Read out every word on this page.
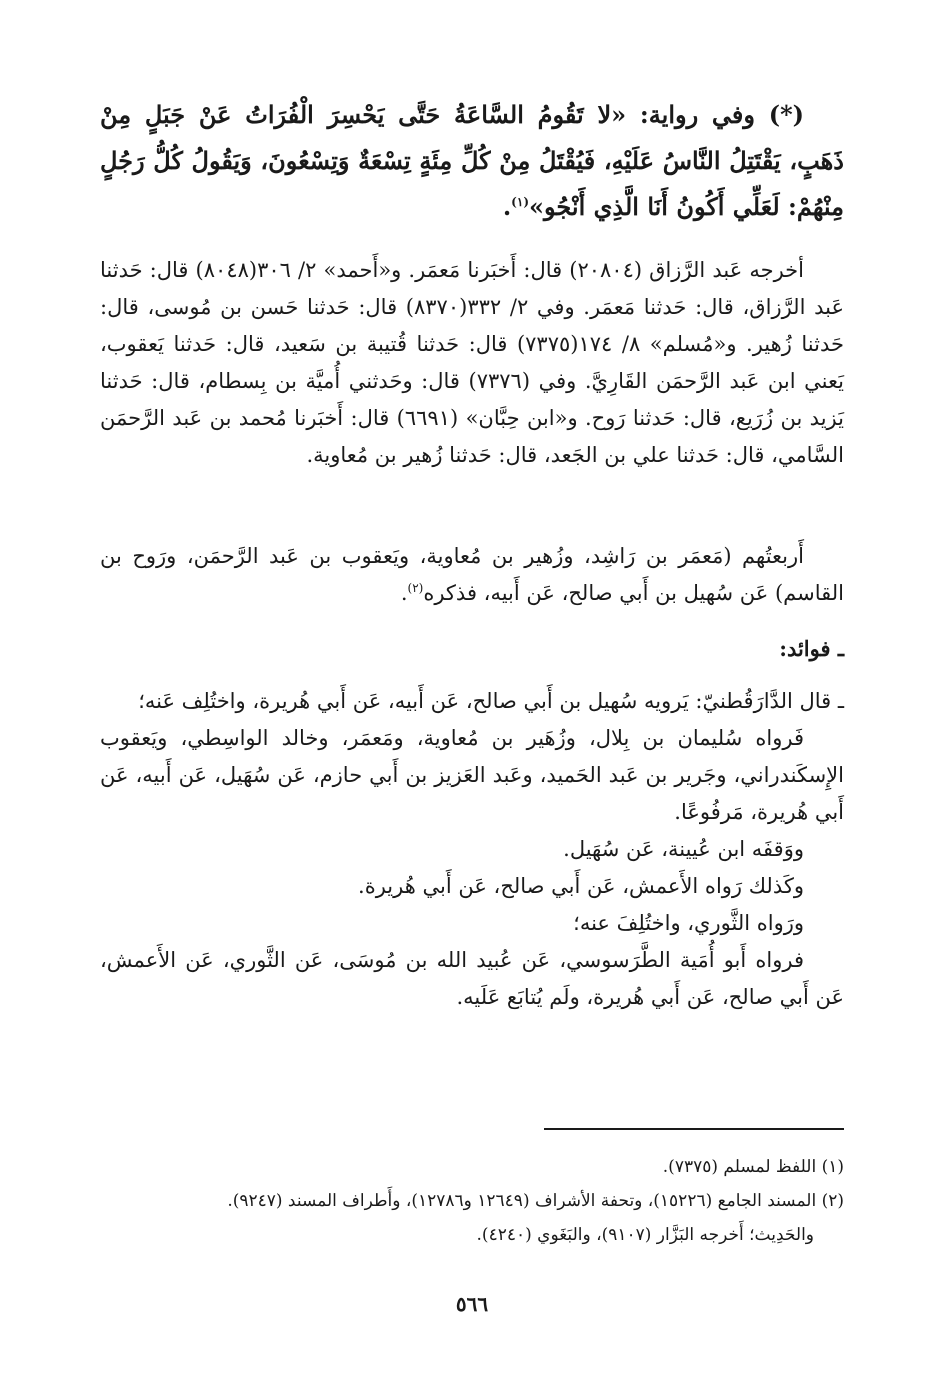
(*) وفي رواية: «لا تَقُومُ السَّاعَةُ حَتَّى يَحْسِرَ الْفُرَاتُ عَنْ جَبَلٍ مِنْ ذَهَبٍ، يَقْتَتِلُ النَّاسُ عَلَيْهِ، فَيُقْتَلُ مِنْ كُلِّ مِئَةٍ تِسْعَةٌ وَتِسْعُونَ، وَيَقُولُ كُلُّ رَجُلٍ مِنْهُمْ: لَعَلِّي أَكُونُ أَنَا الَّذِي أَنْجُو»$^{(١)}$.

أخرجه عَبد الرَّزاق (٢٠٨٠٤) قال: أَخبَرنا مَعمَر. و«أَحمد» ٢/ ٣٠٦(٨٠٤٨) قال: حَدثنا عَبد الرَّزاق، قال: حَدثنا مَعمَر. وفي ٢/ ٣٣٢(٨٣٧٠) قال: حَدثنا حَسن بن مُوسى، قال: حَدثنا زُهير. و«مُسلم» ٨/ ١٧٤(٧٣٧٥) قال: حَدثنا قُتيبة بن سَعيد، قال: حَدثنا يَعقوب، يَعني ابن عَبد الرَّحمَن القَارِيَّ. وفي (٧٣٧٦) قال: وحَدثني أُميَّة بن بِسطام، قال: حَدثنا يَزيد بن زُرَيع، قال: حَدثنا رَوح. و«ابن حِبَّان» (٦٦٩١) قال: أَخبَرنا مُحمد بن عَبد الرَّحمَن السَّامي، قال: حَدثنا علي بن الجَعد، قال: حَدثنا زُهير بن مُعاوية.

أَربعتُهم (مَعمَر بن رَاشِد، وزُهير بن مُعاوية، ويَعقوب بن عَبد الرَّحمَن، ورَوح بن القاسم) عَن سُهيل بن أَبي صالح، عَن أَبيه، فذكره$^{(٢)}$.

ـ فوائد:

ـ قال الدَّارَقُطنيّ: يَرويه سُهيل بن أَبي صالح، عَن أَبيه، عَن أَبي هُريرة، واختُلِف عَنه؛

فَرواه سُليمان بن بِلال، وزُهَير بن مُعاوية، ومَعمَر، وخالد الواسِطي، ويَعقوب الإِسكَندراني، وجَرير بن عَبد الحَميد، وعَبد العَزيز بن أَبي حازم، عَن سُهَيل، عَن أَبيه، عَن أَبي هُريرة، مَرفُوعًا.

ووَقفَه ابن عُيينة، عَن سُهَيل.

وكَذلك رَواه الأَعمش، عَن أَبي صالح، عَن أَبي هُريرة.

ورَواه الثَّوري، واختُلِفَ عنه؛

فرواه أَبو أُمَية الطَّرَسوسي، عَن عُبيد الله بن مُوسَى، عَن الثَّوري، عَن الأَعمش، عَن أَبي صالح، عَن أَبي هُريرة، ولَم يُتابَع عَلَيه.

(١) اللفظ لمسلم (٧٣٧٥).

(٢) المسند الجامع (١٥٢٢٦)، وتحفة الأشراف (١٢٦٤٩ و١٢٧٨٦)، وأَطراف المسند (٩٢٤٧).

والحَدِيث؛ أَخرجه البَزَّار (٩١٠٧)، والبَغَوي (٤٢٤٠).

٥٦٦
